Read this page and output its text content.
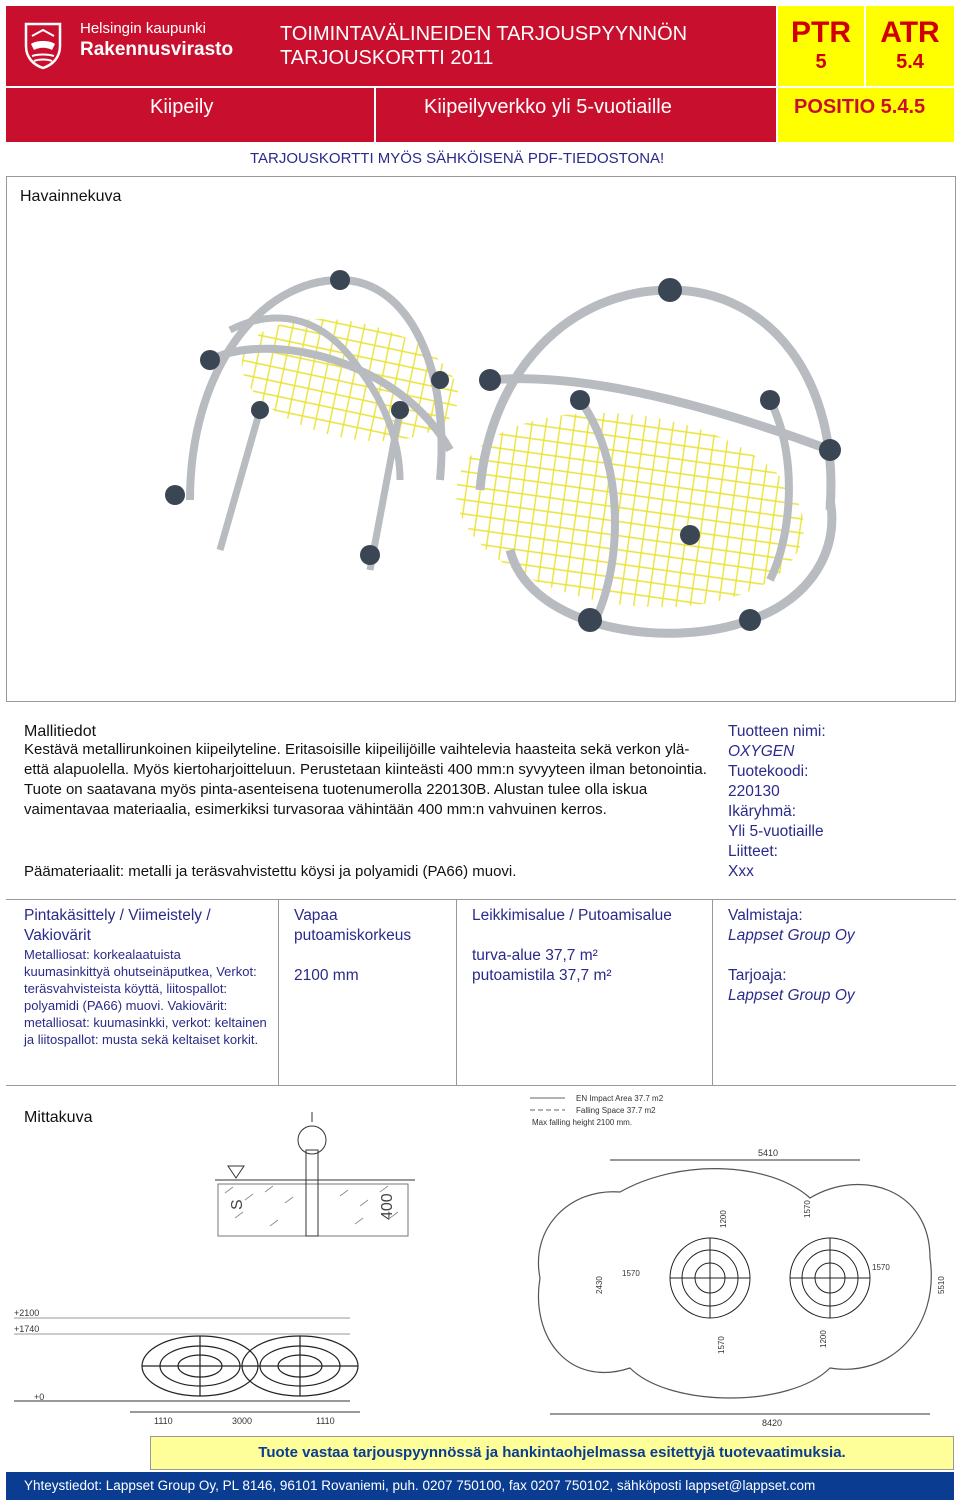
Helsingin kaupunki
Rakennusvirasto
TOIMINTAVÄLINEIDEN TARJOUSPYYNNÖN
TARJOUSKORTTI 2011
PTR
5
ATR
5.4
Kiipeily	Kiipeilyverkko yli 5-vuotiaille	POSITIO 5.4.5
TARJOUSKORTTI MYÖS SÄHKÖISENÄ PDF-TIEDOSTONA!
Havainnekuva
Mallitiedot
Kestävä metallirunkoinen kiipeilyteline. Eritasoisille kiipeilijöille vaihtelevia haasteita sekä verkon ylä- että alapuolella. Myös kiertoharjoitteluun. Perustetaan kiinteästi 400 mm:n syvyyteen ilman betonointia. Tuote on saatavana myös pinta-asenteisena tuotenumerolla 220130B. Alustan tulee olla iskua vaimentavaa materiaalia, esimerkiksi turvasoraa vähintään 400 mm:n vahvuinen kerros.
Päämateriaalit: metalli ja teräsvahvistettu köysi ja polyamidi (PA66) muovi.
Tuotteen nimi:
OXYGEN
Tuotekoodi:
220130
Ikäryhmä:
Yli 5-vuotiaille
Liitteet:
Xxx
Pintakäsittely / Viimeistely / Vakiovärit
Metalliosat: korkealaatuista kuumasinkittyä ohutseinäputkea, Verkot: teräsvahvisteista köyttä, liitospallot: polyamidi (PA66) muovi. Vakiovärit: metalliosat: kuumasinkki, verkot: keltainen ja liitospallot: musta sekä keltaiset korkit.
Vapaa putoamiskorkeus
2100 mm
Leikkimisalue / Putoamisalue
turva-alue 37,7 m²
putoamistila 37,7 m²
Valmistaja:
Lappset Group Oy
Tarjoaja:
Lappset Group Oy
Mittakuva
EN Impact Area 37.7 m2
Falling Space 37.7 m2
Max falling height 2100 mm.
S	400
+2100
+1740
+0
1110	3000	1110
5410
8420
1200
1570
1570
1570
2430	5510
1570	1200
Tuote vastaa tarjouspyynnössä ja hankintaohjelmassa esitettyjä tuotevaatimuksia.
Yhteystiedot: Lappset Group Oy, PL 8146, 96101 Rovaniemi, puh. 0207 750100, fax 0207 750102, sähköposti lappset@lappset.com
